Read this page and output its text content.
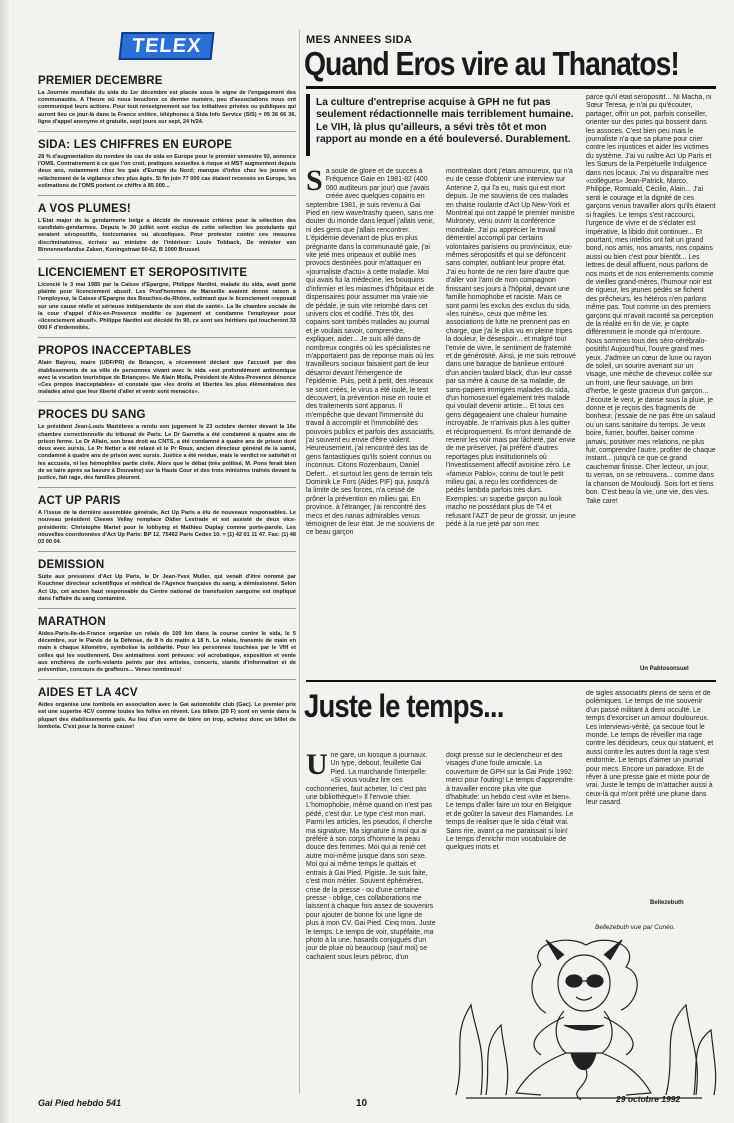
TELEX
PREMIER DECEMBRE

La Journée mondiale du sida du 1er décembre est placée sous le signe de l'engagement des communautés. A l'heure où nous bouclons ce dernier numéro, peu d'associations nous ont communiqué leurs actions. Pour tout renseignement sur les initiatives privées ou publiques qui auront lieu ce jour-là dans la France entière, téléphonez à Sida Info Service (SIS) = 05 36 66 36, ligne d'appel anonyme et gratuite, sept jours sur sept, 24 h/24.

SIDA: LES CHIFFRES EN EUROPE

28 % d'augmentation du nombre de cas de sida en Europe pour le premier semestre 92, annonce l'OMS. Contrairement à ce que l'on croit, pratiques sexuelles à risque et MST augmentent depuis deux ans, notamment chez les gais d'Europe du Nord; manque d'infos chez les jeunes et relâchement de la vigilance chez plus âgés. Si fin juin 77 000 cas étaient recensés en Europe, les estimations de l'OMS portent ce chiffre à 85 000...

A VOS PLUMES!

L'Etat major de la gendarmerie belge a décidé de nouveaux critères pour la sélection des candidats-gendarmes. Depuis le 30 juillet sont exclus de cette sélection les postulants qui seraient séropositifs, toxicomanes ou alcooliques. Pour protester contre ces mesures discriminatoires, écrivez au ministre de l'intérieur: Louis Tobback, De minister van Binnennenlandse Zaken, Koningstraat 60-62, B 1000 Brussel.

LICENCIEMENT ET SEROPOSITIVITE

Licencié le 3 mai 1985 par la Caisse d'Epargne, Philippe Nardini, malade du sida, avait porté plainte pour licenciement abusif. Les Prud'hommes de Marseille avaient donné raison à l'employeur, la Caisse d'Epargne des Bouches-du-Rhône, estimant que le licenciement «reposait sur une cause réelle et sérieuse indépendante de son état de santé». La 9e chambre sociale de la cour d'appel d'Aix-en-Provence modifie ce jugement et condamne l'employeur pour «licenciement abusif». Philippe Nardini est décédé fin 90, ce sont ses héritiers qui toucheront 33 000 F d'indemnités.

PROPOS INACCEPTABLES

Alain Bayrou, maire (UDF/PR) de Briançon, a récemment déclaré que l'accueil par des établissements de sa ville de personnes vivant avec le sida «est profondément antinomique avec la vocation touristique de Briançon». Me Alain Molla, Président de Aides-Provence dénonce «Ces propos inacceptables» et constate que «les droits et libertés les plus élémentaires des malades ainsi que leur liberté d'aller et venir sont menacés».

PROCES DU SANG

Le président Jean-Louis Mazièbres a rendu son jugement le 23 octobre dernier devant la 16e chambre correctionnelle du tribunal de Paris. Le Dr Garretta a été condamné à quatre ans de prison ferme. Le Dr Allain, son bras droit au CNTS, a été condamné à quatre ans de prison dont deux avec sursis. Le Pr Netter a été relaxé et le Pr Roux, ancien directeur général de la santé, condamné à quatre ans de prison avec sursis. Justice a été rendue, mais le verdict ne satisfait ni les accusés, ni les hémophiles partie civile. Alors que le débat (très politisé, M. Pons ferait bien de se taire après sa bavure à Douvaine) sur la Haute Cour et des trois ministres traînés devant la justice, fait rage, des familles pleurent.

ACT UP PARIS

A l'issue de la dernière assemblée générale, Act Up Paris a élu de nouveaux responsables. Le nouveau président Cleews Vellay remplace Didier Lestrade et est assisté de deux vice-présidents: Christophe Martet pour le lobbying et Mathieu Duplay comme porte-parole. Les nouvelles coordonnées d'Act Up Paris: BP 12, 75462 Paris Cedex 10. = (1) 42 01 11 47. Fax: (1) 48 03 00 04.

DEMISSION

Suite aux pressions d'Act Up Paris, le Dr Jean-Yves Muller, qui venait d'être nommé par Kouchner directeur scientifique et médical de l'Agence française du sang, a démissionné. Selon Act Up, cet ancien haut responsable du Centre national de transfusion sanguine est impliqué dans l'affaire du sang contaminé.

MARATHON

Aides-Paris-Ile-de-France organise un relais de 100 km dans la course contre le sida, le 5 décembre, sur le Parvis de la Défense, de 8 h du matin à 18 h. Le relais, transmis de main en main à chaque kilomètre, symbolise la solidarité. Pour les personnes touchées par le VIH et celles qui les soutiennent. Des animations sont prévues: vol acrobatique, exposition et vente aux enchères de cerfs-volants peints par des artistes, concerts, stands d'information et de prévention, concours de graffeurs... Venez nombreux!

AIDES ET LA 4CV

Aides organise une tombola en association avec le Gai automobile club (Gac). Le premier prix est une superbe 4CV comme toutes les folles en rêvent. Les billets (20 F) sont en vente dans la plupart des établissements gais. Au lieu d'un verre de bière on trop, achetez donc un billet de tombola. C'est pour la bonne cause!

MES ANNEES SIDA
Quand Eros vire au Thanatos!
La culture d'entreprise acquise à GPH ne fut pas seulement rédactionnelle mais terriblement humaine. Le VIH, là plus qu'ailleurs, a sévi très tôt et mon rapport au monde en a été bouleversé. Durablement.

Sa soule de gloire et de succès à Fréquence Gaie en 1981-82 (400 000 auditeurs par jour) que j'avais créée avec quelques copains en septembre 1981, je suis revenu à Gai Pied en new wave/trashy queen, sans me douter du monde dans lequel j'allais venir, ni des gens que j'allais rencontrer. L'épidémie devenant de plus en plus prégnante dans la communauté gaie, j'ai vite jeté mes oripeaux et oublié mes provocs destinées pour m'attaquer en «journaliste d'actu» à cette maladie. Moi qui avais fui la médecine, les bouquins d'infirmier et les miasmes d'hôpitaux et de dispensaires pour assumer ma vraie vie de pédale, je suis vite retombé dans cet univers clos et codifié. Très tôt, des copains sont tombés malades au journal et je voulais savoir, comprendre, expliquer, aider... Je suis allé dans de nombreux congrès où les spécialistes ne m'apportaient pas de réponse mais où les travailleurs sociaux faisaient part de leur désarroi devant l'émergence de l'épidémie. Puis, petit à petit, des réseaux se sont créés, le virus a été isolé, le test découvert, la prévention mise en route et des traitements sont apparus. Il m'empêche que devant l'immensité du travail à accomplir et l'immobilité des pouvoirs publics et parfois des associatifs, j'ai souvent eu envie d'être violent. Heureusement, j'ai rencontré des tas de gens fantastiques qu'ils soient connus ou inconnus. Citons Rozenbaum, Daniel Defert... et surtout les gens de terrain tels Dominik Le Fors (Aides PIF) qui, jusqu'à la limite de ses forces, n'a cessé de prôner la prévention en milieu gai. En province, à l'étranger, j'ai rencontré des mecs et des nanas admirables venus témoigner de leur état. Je me souviens de ce beau garçon

montréalais dont j'étais amoureux, qui n'a eu de cesse d'obtenir une interview sur Antenne 2, qui l'a eu, mais qui est mort depuis. Je me souviens de ces malades en chaise roulante d'Act Up New-York et Montréal qui ont zappé le premier ministre Mulroney, venu ouvrir la conférence mondiale. J'ai pu apprécier le travail démentiel accompli par certains volontaires parisiens ou provinciaux, eux-mêmes séropositifs et qui se défoncent sans compter, oubliant leur propre état. J'ai eu honte de ne rien faire d'autre que d'aller voir l'ami de mon compagnon finissant ses jours à l'hôpital, devant une famille homophobe et raciste. Mais ce sont parmi les exclus des exclus du sida, «les ruinés», ceux que même les associations de lutte ne prennent pas en charge, que j'ai le plus vu en pleine tripes la douleur, le désespoir... et malgré tout l'envie de vivre, le sentiment de fraternité et de générosité. Ainsi, je me suis retrouvé dans une baraque de banlieue entouré d'un ancien taulard black, d'un leur cassé par sa mère à cause de sa maladie, de sans-papiers immigrés malades du sida, d'un homosexuel également très malade qui voulait devenir artiste... Et tous ces gens dégageaient une chaleur humaine incroyable. Je n'arrivais plus à les quitter et réciproquement. Ils m'ont demandé de revenir les voir mais par lâcheté, par envie de me préserver, j'ai préféré d'autres reportages plus institutionnels où l'investissement affectif avoisine zéro. Le «fameux Pablo», connu de tout le petit milieu gai, a reçu les confidences de pédés lambda parfois très durs. Exemples: un superbe garçon au look macho ne possédant plus de T4 et refusant l'AZT de peur de grossir, un jeune pédé à la rue jeté par son mec

parce qu'il était séropositif... Ni Macha, ni Sœur Teresa, je n'ai pu qu'écouter, partager, offrir un pot, parfois conseiller, orienter sur des potes qui bossent dans les assoces. C'est bien peu mais le journaliste n'a que sa plume pour crier contre les injustices et aider les victimes du système. J'ai vu naître Act Up Paris et les Sœurs de la Perpétuelle Indulgence dans nos locaux. J'ai vu disparaître mes «collègues» Jean-Patrick, Marco, Philippe, Romuald, Cécilio, Alain... J'ai senti le courage et la dignité de ces garçons venus travailler alors qu'ils étaient si fragiles. Le temps s'est raccourci, l'urgence de vivre et de s'éclater est impérative, la libido doit continuer... Et pourtant, mes intellos ont fait un grand bond, nos amis, nos amants, nos copains aussi ou bien c'est pour bientôt... Les lettres de deuil affluent, nous parlons de nos morts et de nos enterrements comme de vieilles grand-mères, l'humour noir est de rigueur, les jeunes pédés se fichent des prêcheurs, les hétéros n'en parlons même pas. Tout comme un des premiers garçons qui m'avait raconté sa perception de la réalité en fin de vie, je capte différemment le monde qui m'entoure. Nous sommes tous des séro-cérébralo-positifs! Aujourd'hui, l'ouvre grand mes yeux. J'admire un cœur de lune ou rayon de soleil, un sourire avenant sur un visage, une mèche de cheveux collée sur un front, une fleur sauvage, un brin d'herbe, le geste gracieux d'un garçon... J'écoute le vent, je danse sous la pluie, je donne et je reçois des fragments de bonheur, j'essaie de ne pas être un salaud ou un sans sanitaire du temps. Je veux boire, fumer, bouffer, baiser comme jamais, positiver mes relations, ne plus fuir, comprendre l'autre, profiter de chaque instant... jusqu'à ce que ce grand cauchemar finisse. Cher lecteur, un jour, tu verras, on se retrouvera... comme dans la chanson de Mouloudji. Sois fort et tiens bon. C'est beau la vie, une vie, des vies. Take care!

Un Pablosonsuel
Juste le temps...

Une gare, un kiosque à journaux. Un type, debout, feuillette Gai Pied. La marchande l'interpelle: «Si vous voulez lire ces cochonneries, faut acheter. Ici c'est pas une bibliothèque!» Il l'envoie chier. L'homophobie, même quand on n'est pas pédé, c'est dur. Le type c'est mon mari. Parmi les articles, les pseudos, il cherche ma signature. Ma signature à moi qui ai préféré à son corps d'homme la peau douce des femmes. Moi qui ai renié cet autre moi-même jusque dans son sexe. Moi qui ai même temps le quittais et entrais à Gai Pied. Pigiste. Je suis faite, c'est mon métier. Souvent éphémères, crise de la presse - ou d'une certaine presse - oblige, ces collaborations me laissent à chaque fois assez de souvenirs pour ajouter de bonne foi une ligne de plus à mon CV. Gai Pied. Cinq mois. Juste le temps. Le temps de voir, stupéfaite, ma photo à la une, hasards conjugués d'un jour de pluie où beaucoup (sauf moi) se cachaient sous leurs pébroc, d'un

doigt pressé sur le déclencheur et des visages d'une foule amicale. La couverture de GPH sur la Gai Pride 1992: merci pour l'outing! Le temps d'apprendre à travailler encore plus vite que d'habitude: un hebdo c'est «vite et bien». Le temps d'aller faire un tour en Belgique et de goûter la saveur des Flamandes. Le temps de réaliser que le sida c'était vrai. Sans rire, avant ça me paraissait si loin! Le temps d'enrichir mon vocabulaire de quelques mots et

de sigles associatifs pleins de sens et de polémiques. Le temps de me souvenir d'un passé militant à demi occulté. Le temps d'exorciser un amour douloureux. Les interviews-vérité, ça secoue tout le monde. Le temps de réveiller ma rage contre les décideurs, ceux qui statuent, et aussi contre les autres dont la rage s'est endormie. Le temps d'aimer un journal pour mecs. Encore un paradoxe. Et de rêver à une presse gaie et mixte pour de vrai. Juste le temps de m'attacher aussi à ceux-là qui m'ont prêté une plume dans leur casard.

Bellezebuth
Bellezebuth vue par Cunéo.
Gai Pied hebdo 541	10	29 octobre 1992
